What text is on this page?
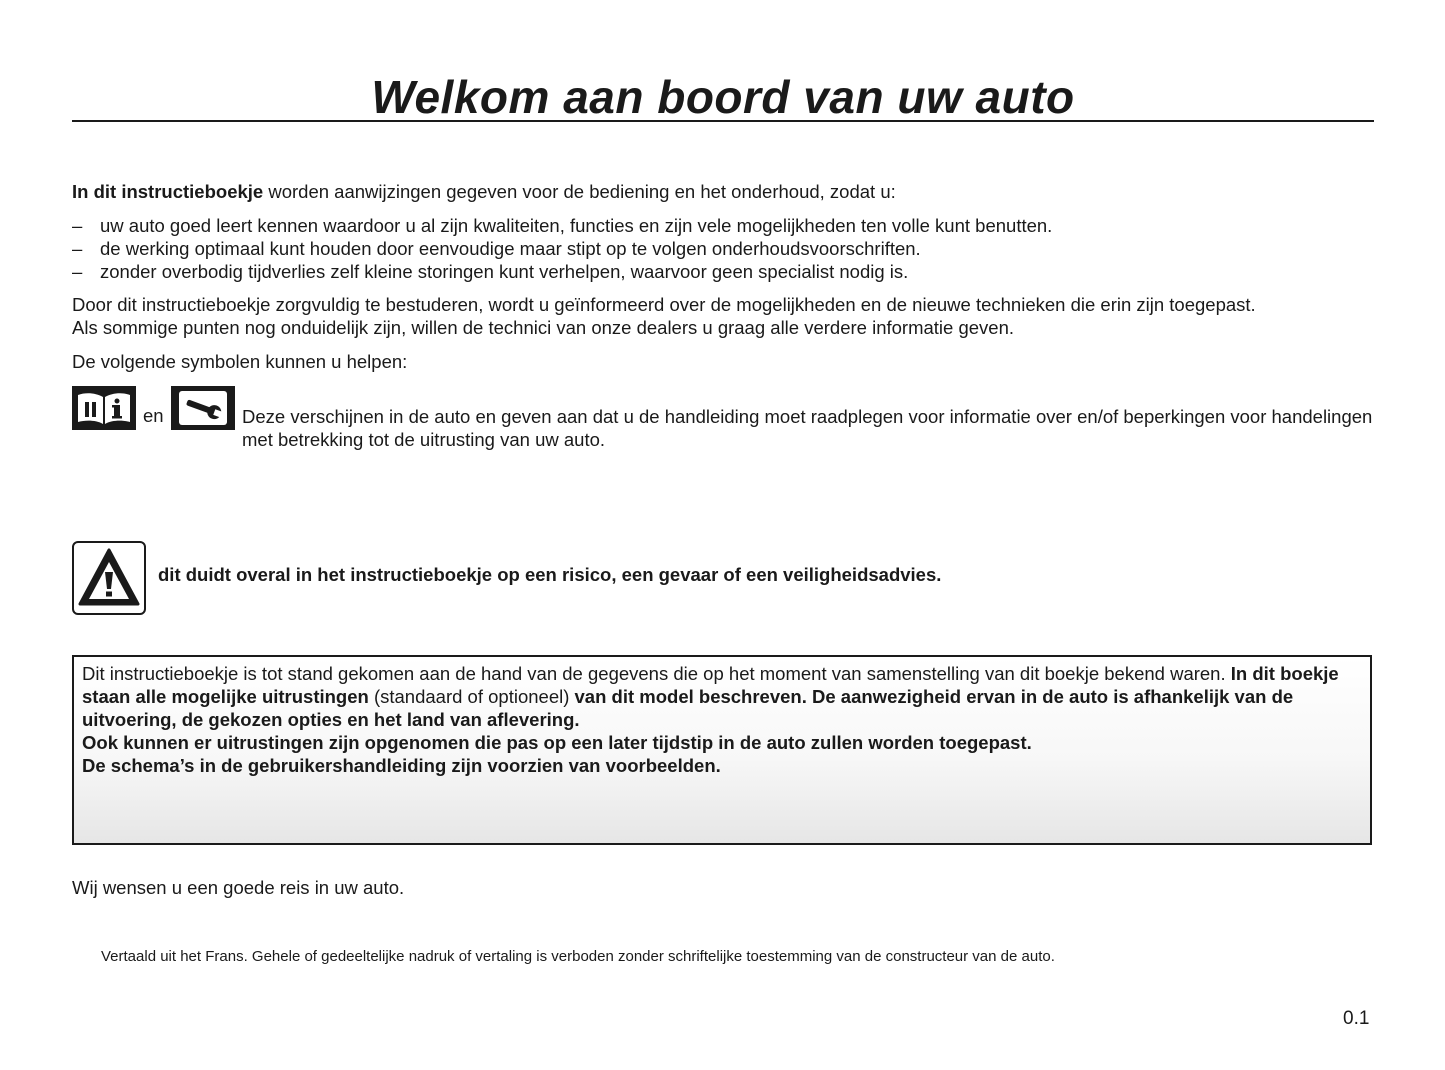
Welkom aan boord van uw auto
In dit instructieboekje worden aanwijzingen gegeven voor de bediening en het onderhoud, zodat u:
– uw auto goed leert kennen waardoor u al zijn kwaliteiten, functies en zijn vele mogelijkheden ten volle kunt benutten.
– de werking optimaal kunt houden door eenvoudige maar stipt op te volgen onderhoudsvoorschriften.
– zonder overbodig tijdverlies zelf kleine storingen kunt verhelpen, waarvoor geen specialist nodig is.
Door dit instructieboekje zorgvuldig te bestuderen, wordt u geïnformeerd over de mogelijkheden en de nieuwe technieken die erin zijn toegepast.
Als sommige punten nog onduidelijk zijn, willen de technici van onze dealers u graag alle verdere informatie geven.
De volgende symbolen kunnen u helpen:
en	Deze verschijnen in de auto en geven aan dat u de handleiding moet raadplegen voor informatie over en/of beperkingen voor handelingen met betrekking tot de uitrusting van uw auto.
dit duidt overal in het instructieboekje op een risico, een gevaar of een veiligheidsadvies.
Dit instructieboekje is tot stand gekomen aan de hand van de gegevens die op het moment van samenstelling van dit boekje bekend waren. In dit boekje staan alle mogelijke uitrustingen (standaard of optioneel) van dit model beschreven. De aanwezigheid ervan in de auto is afhankelijk van de uitvoering, de gekozen opties en het land van aflevering.
Ook kunnen er uitrustingen zijn opgenomen die pas op een later tijdstip in de auto zullen worden toegepast.
De schema’s in de gebruikershandleiding zijn voorzien van voorbeelden.
Wij wensen u een goede reis in uw auto.
Vertaald uit het Frans. Gehele of gedeeltelijke nadruk of vertaling is verboden zonder schriftelijke toestemming van de constructeur van de auto.
0.1
